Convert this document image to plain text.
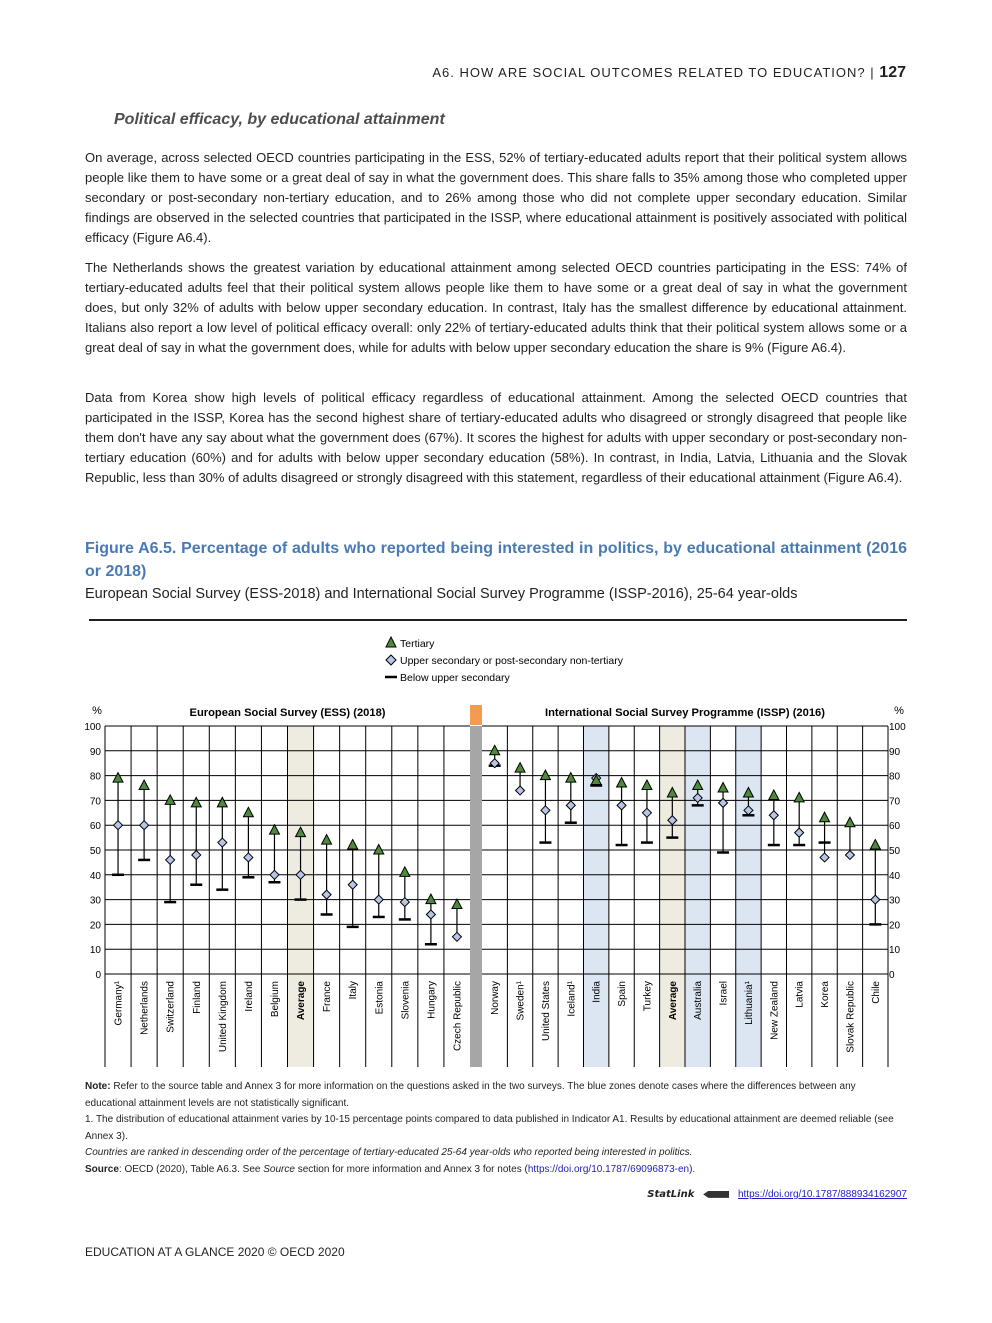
A6. HOW ARE SOCIAL OUTCOMES RELATED TO EDUCATION? | 127
Political efficacy, by educational attainment

On average, across selected OECD countries participating in the ESS, 52% of tertiary-educated adults report that their political system allows people like them to have some or a great deal of say in what the government does. This share falls to 35% among those who completed upper secondary or post-secondary non-tertiary education, and to 26% among those who did not complete upper secondary education. Similar findings are observed in the selected countries that participated in the ISSP, where educational attainment is positively associated with political efficacy (Figure A6.4).

The Netherlands shows the greatest variation by educational attainment among selected OECD countries participating in the ESS: 74% of tertiary-educated adults feel that their political system allows people like them to have some or a great deal of say in what the government does, but only 32% of adults with below upper secondary education. In contrast, Italy has the smallest difference by educational attainment. Italians also report a low level of political efficacy overall: only 22% of tertiary-educated adults think that their political system allows some or a great deal of say in what the government does, while for adults with below upper secondary education the share is 9% (Figure A6.4).

Data from Korea show high levels of political efficacy regardless of educational attainment. Among the selected OECD countries that participated in the ISSP, Korea has the second highest share of tertiary-educated adults who disagreed or strongly disagreed that people like them don't have any say about what the government does (67%). It scores the highest for adults with upper secondary or post-secondary non-tertiary education (60%) and for adults with below upper secondary education (58%). In contrast, in India, Latvia, Lithuania and the Slovak Republic, less than 30% of adults disagreed or strongly disagreed with this statement, regardless of their educational attainment (Figure A6.4).

Figure A6.5. Percentage of adults who reported being interested in politics, by educational attainment (2016 or 2018)
European Social Survey (ESS-2018) and International Social Survey Programme (ISSP-2016), 25-64 year-olds
0	0
10	10
20	20
30	30
40	40
50	50
60	60
70	70
80	80
90	90
100	100
%	%
European Social Survey (ESS) (2018)	International Social Survey Programme (ISSP) (2016)
Germany¹ Netherlands Switzerland Finland United Kingdom Ireland Belgium Average France Italy Estonia Slovenia Hungary Czech Republic	Norway Sweden¹ United States Iceland¹ India Spain Turkey Average Australia Israel Lithuania¹ New Zealand Latvia Korea Slovak Republic Chile
Tertiary
Upper secondary or post-secondary non-tertiary
Below upper secondary

Note: Refer to the source table and Annex 3 for more information on the questions asked in the two surveys. The blue zones denote cases where the differences between any educational attainment levels are not statistically significant.

1. The distribution of educational attainment varies by 10-15 percentage points compared to data published in Indicator A1. Results by educational attainment are deemed reliable (see Annex 3).

Countries are ranked in descending order of the percentage of tertiary-educated 25-64 year-olds who reported being interested in politics.

Source: OECD (2020), Table A6.3. See Source section for more information and Annex 3 for notes (https://doi.org/10.1787/69096873-en).

StatLink	https://doi.org/10.1787/888934162907
EDUCATION AT A GLANCE 2020 © OECD 2020
